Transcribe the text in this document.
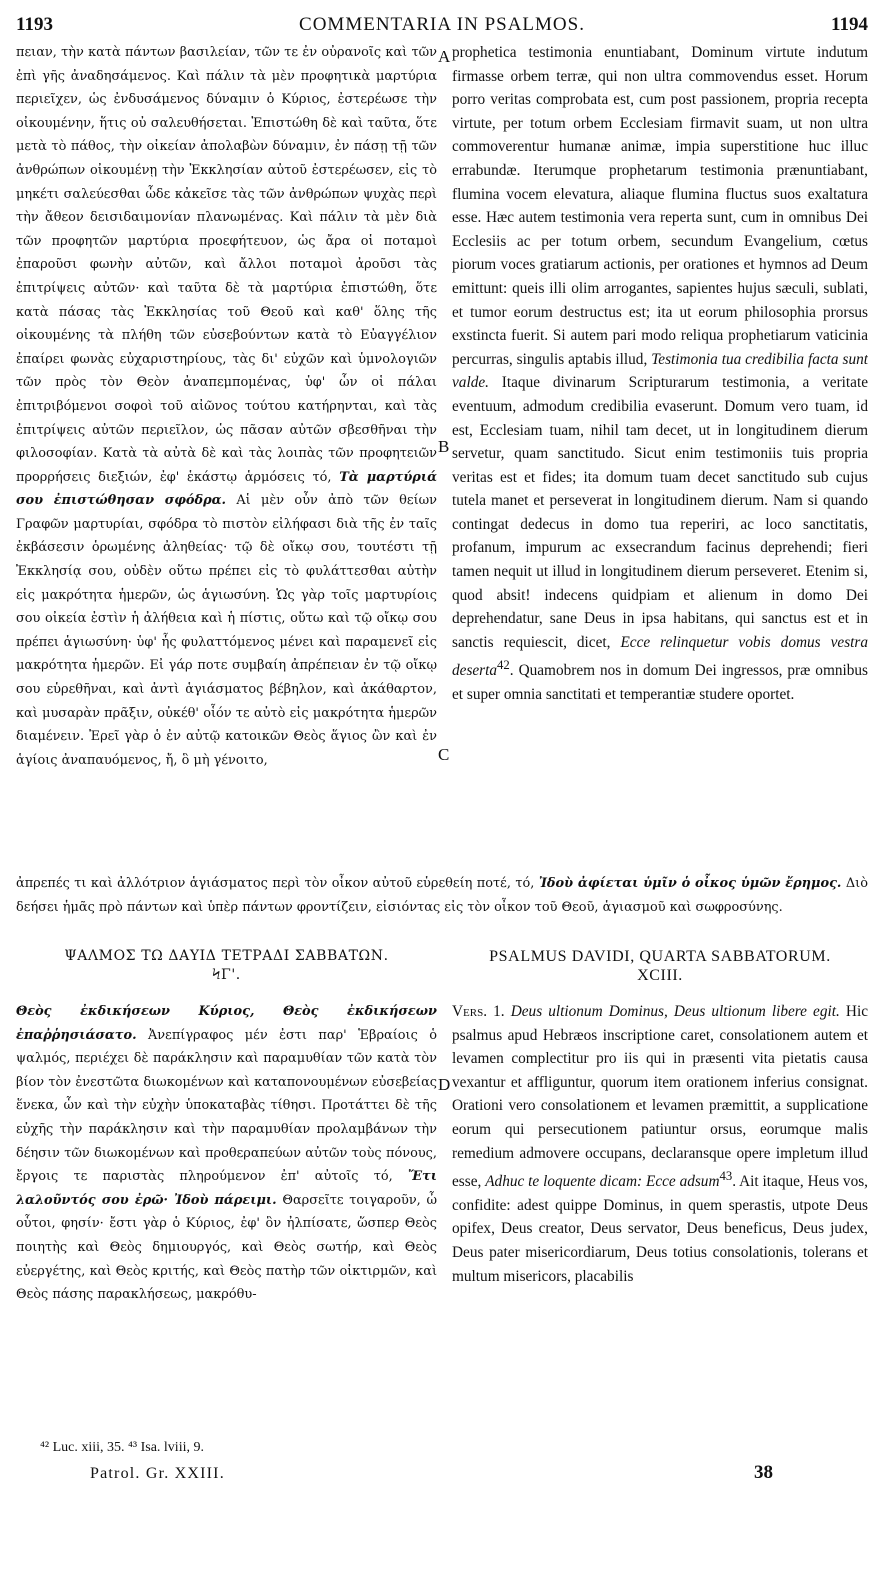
1193	COMMENTARIA IN PSALMOS.	1194

πειαν, τὴν κατὰ πάντων βασιλείαν, τῶν τε ἐν οὐρανοῖς καὶ τῶν ἐπὶ γῆς ἀναδησάμενος. Καὶ πάλιν τὰ μὲν προφητικὰ μαρτύρια περιεῖχεν, ὡς ἐνδυσάμενος δύναμιν ὁ Κύριος, ἐστερέωσε τὴν οἰκουμένην, ἥτις οὐ σαλευθήσεται. Ἐπιστώθη δὲ καὶ ταῦτα, ὅτε μετὰ τὸ πάθος, τὴν οἰκείαν ἀπολαβὼν δύναμιν, ἐν πάσῃ τῇ τῶν ἀνθρώπων οἰκουμένῃ τὴν Ἐκκλησίαν αὐτοῦ ἐστερέωσεν, εἰς τὸ μηκέτι σαλεύεσθαι ὧδε κἀκεῖσε τὰς τῶν ἀνθρώπων ψυχὰς περὶ τὴν ἄθεον δεισιδαιμονίαν πλανωμένας. Καὶ πάλιν τὰ μὲν διὰ τῶν προφητῶν μαρτύρια προεφήτευον, ὡς ἄρα οἱ ποταμοὶ ἐπαροῦσι φωνὴν αὐτῶν, καὶ ἄλλοι ποταμοὶ ἀροῦσι τὰς ἐπιτρίψεις αὐτῶν· καὶ ταῦτα δὲ τὰ μαρτύρια ἐπιστώθη, ὅτε κατὰ πάσας τὰς Ἐκκλησίας τοῦ Θεοῦ καὶ καθ' ὅλης τῆς οἰκουμένης τὰ πλήθη τῶν εὐσεβούντων κατὰ τὸ Εὐαγγέλιον ἐπαίρει φωνὰς εὐχαριστηρίους, τὰς δι' εὐχῶν καὶ ὑμνολογιῶν τῶν πρὸς τὸν Θεὸν ἀναπεμπομένας, ὑφ' ὧν οἱ πάλαι ἐπιτριβόμενοι σοφοὶ τοῦ αἰῶνος τούτου κατήρηνται, καὶ τὰς ἐπιτρίψεις αὐτῶν περιεῖλον, ὡς πᾶσαν αὐτῶν σβεσθῆναι τὴν φιλοσοφίαν. Κατὰ τὰ αὐτὰ δὲ καὶ τὰς λοιπὰς τῶν προφητειῶν προρρήσεις διεξιών, ἐφ' ἑκάστῳ ἁρμόσεις τό, Τὰ μαρτύριά σου ἐπιστώθησαν σφόδρα. Αἱ μὲν οὖν ἀπὸ τῶν θείων Γραφῶν μαρτυρίαι, σφόδρα τὸ πιστὸν εἰλήφασι διὰ τῆς ἐν ταῖς ἐκβάσεσιν ὁρωμένης ἀληθείας· τῷ δὲ οἴκῳ σου, τουτέστι τῇ Ἐκκλησίᾳ σου, οὐδὲν οὕτω πρέπει εἰς τὸ φυλάττεσθαι αὐτὴν εἰς μακρότητα ἡμερῶν, ὡς ἁγιωσύνη. Ὡς γὰρ τοῖς μαρτυρίοις σου οἰκεία ἐστὶν ἡ ἀλήθεια καὶ ἡ πίστις, οὕτω καὶ τῷ οἴκῳ σου πρέπει ἁγιωσύνη· ὑφ' ἧς φυλαττόμενος μένει καὶ παραμενεῖ εἰς μακρότητα ἡμερῶν. Εἰ γάρ ποτε συμβαίη ἀπρέπειαν ἐν τῷ οἴκῳ σου εὑρεθῆναι, καὶ ἀντὶ ἁγιάσματος βέβηλον, καὶ ἀκάθαρτον, καὶ μυσαρὰν πρᾶξιν, οὐκέθ' οἷόν τε αὐτὸ εἰς μακρότητα ἡμερῶν διαμένειν. Ἐρεῖ γὰρ ὁ ἐν αὐτῷ κατοικῶν Θεὸς ἅγιος ὢν καὶ ἐν ἁγίοις ἀναπαυόμενος, ἤ, ὃ μὴ γένοιτο,

prophetica testimonia enuntiabant, Dominum virtute indutum firmasse orbem terræ, qui non ultra commovendus esset. Horum porro veritas comprobata est, cum post passionem, propria recepta virtute, per totum orbem Ecclesiam firmavit suam, ut non ultra commoverentur humanæ animæ, impia superstitione huc illuc errabundæ. Iterumque prophetarum testimonia prænuntiabant, flumina vocem elevatura, aliaque flumina fluctus suos exaltatura esse. Hæc autem testimonia vera reperta sunt, cum in omnibus Dei Ecclesiis ac per totum orbem, secundum Evangelium, cœtus piorum voces gratiarum actionis, per orationes et hymnos ad Deum emittunt: queis illi olim arrogantes, sapientes hujus sæculi, sublati, et tumor eorum destructus est; ita ut eorum philosophia prorsus exstincta fuerit. Si autem pari modo reliqua prophetiarum vaticinia percurras, singulis aptabis illud, Testimonia tua credibilia facta sunt valde. Itaque divinarum Scripturarum testimonia, a veritate eventuum, admodum credibilia evaserunt. Domum vero tuam, id est, Ecclesiam tuam, nihil tam decet, ut in longitudinem dierum servetur, quam sanctitudo. Sicut enim testimoniis tuis propria veritas est et fides; ita domum tuam decet sanctitudo sub cujus tutela manet et perseverat in longitudinem dierum. Nam si quando contingat dedecus in domo tua reperiri, ac loco sanctitatis, profanum, impurum ac exsecrandum facinus deprehendi; fieri tamen nequit ut illud in longitudinem dierum perseveret. Etenim si, quod absit! indecens quidpiam et alienum in domo Dei deprehendatur, sane Deus in ipsa habitans, qui sanctus est et in sanctis requiescit, dicet, Ecce relinquetur vobis domus vestra deserta$^{42}$. Quamobrem nos in domum Dei ingressos, præ omnibus et super omnia sanctitati et temperantiæ studere oportet.

A
B
C
D

ἀπρεπές τι καὶ ἀλλότριον ἁγιάσματος περὶ τὸν οἶκον αὐτοῦ εὑρεθείη ποτέ, τό, Ἰδοὺ ἀφίεται ὑμῖν ὁ οἶκος ὑμῶν ἔρημος. Διὸ δεήσει ἡμᾶς πρὸ πάντων καὶ ὑπὲρ πάντων φροντίζειν, εἰσιόντας εἰς τὸν οἶκον τοῦ Θεοῦ, ἁγιασμοῦ καὶ σωφροσύνης.

ΨΑΛΜΟΣ ΤΩ ΔΑΥΙΔ ΤΕΤΡΑΔΙ ΣΑΒΒΑΤΩΝ.
ϞΓ'.
PSALMUS DAVIDI, QUARTA SABBATORUM.
XCIII.

Θεὸς ἐκδικήσεων Κύριος, Θεὸς ἐκδικήσεων ἐπαῤῥησιάσατο. Ἀνεπίγραφος μέν ἐστι παρ' Ἑβραίοις ὁ ψαλμός, περιέχει δὲ παράκλησιν καὶ παραμυθίαν τῶν κατὰ τὸν βίον τὸν ἐνεστῶτα διωκομένων καὶ καταπονουμένων εὐσεβείας ἕνεκα, ὧν καὶ τὴν εὐχὴν ὑποκαταβὰς τίθησι. Προτάττει δὲ τῆς εὐχῆς τὴν παράκλησιν καὶ τὴν παραμυθίαν προλαμβάνων τὴν δέησιν τῶν διωκομένων καὶ προθεραπεύων αὐτῶν τοὺς πόνους, ἔργοις τε παριστὰς πληρούμενον ἐπ' αὐτοῖς τό, Ἔτι λαλοῦντός σου ἐρῶ· Ἰδοὺ πάρειμι. Θαρσεῖτε τοιγαροῦν, ὦ οὗτοι, φησίν· ἔστι γὰρ ὁ Κύριος, ἐφ' ὃν ἠλπίσατε, ὥσπερ Θεὸς ποιητὴς καὶ Θεὸς δημιουργός, καὶ Θεὸς σωτήρ, καὶ Θεὸς εὐεργέτης, καὶ Θεὸς κριτής, καὶ Θεὸς πατὴρ τῶν οἰκτιρμῶν, καὶ Θεὸς πάσης παρακλήσεως, μακρόθυ-

Vers. 1. Deus ultionum Dominus, Deus ultionum libere egit. Hic psalmus apud Hebræos inscriptione caret, consolationem autem et levamen complectitur pro iis qui in præsenti vita pietatis causa vexantur et affliguntur, quorum item orationem inferius consignat. Orationi vero consolationem et levamen præmittit, a supplicatione eorum qui persecutionem patiuntur orsus, eorumque malis remedium admovere occupans, declaransque opere impletum illud esse, Adhuc te loquente dicam: Ecce adsum$^{43}$. Ait itaque, Heus vos, confidite: adest quippe Dominus, in quem sperastis, utpote Deus opifex, Deus creator, Deus servator, Deus beneficus, Deus judex, Deus pater misericordiarum, Deus totius consolationis, tolerans et multum misericors, placabilis

⁴² Luc. xiii, 35. ⁴³ Isa. lviii, 9.
Patrol. Gr. XXIII.	38
